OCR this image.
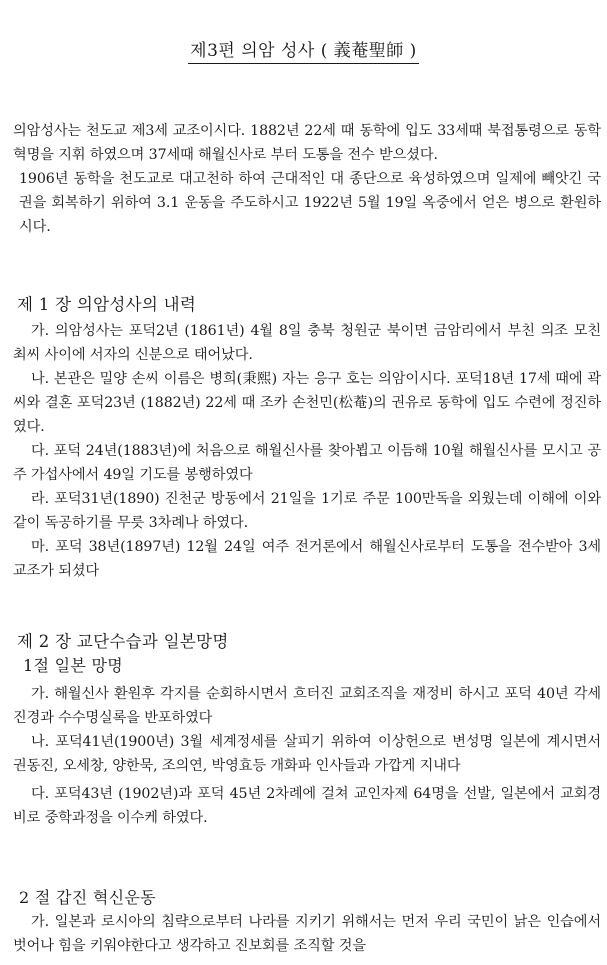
제3편 의암 성사 ( 義菴聖師 )
의암성사는 천도교 제3세 교조이시다. 1882년 22세 때 동학에 입도 33세때 북접통령으로 동학혁명을 지휘 하였으며 37세때 해월신사로 부터 도통을 전수 받으셨다.
1906년 동학을 천도교로 대고천하 하여 근대적인 대 종단으로 육성하였으며 일제에 빼앗긴 국권을 회복하기 위하여 3.1 운동을 주도하시고 1922년 5월 19일 옥중에서 얻은 병으로 환원하시다.
제 1 장 의암성사의 내력
가. 의암성사는 포덕2년 (1861년) 4월 8일 충북 청원군 북이면 금암리에서 부친 의조 모친 최씨 사이에 서자의 신분으로 태어났다.
나. 본관은 밀양 손씨 이름은 병희(秉熙) 자는 응구 호는 의암이시다. 포덕18년 17세 때에 곽씨와 결혼 포덕23년 (1882년) 22세 때 조카 손천민(松菴)의 권유로 동학에 입도 수련에 정진하였다.
다. 포덕 24년(1883년)에 처음으로 해월신사를 찾아뵙고 이듬해 10월 해월신사를 모시고 공주 가섭사에서 49일 기도를 봉행하였다
라. 포덕31년(1890) 진천군 방동에서 21일을 1기로 주문 100만독을 외웠는데 이해에 이와 같이 독공하기를 무릇 3차례나 하였다.
마. 포덕 38년(1897년) 12월 24일 여주 전거론에서 해월신사로부터 도통을 전수받아 3세 교조가 되셨다
제 2 장 교단수습과 일본망명
1절 일본 망명
가. 해월신사 환원후 각지를 순회하시면서 흐터진 교회조직을 재정비 하시고 포덕 40년 각세진경과 수수명실록을 반포하였다
나. 포덕41년(1900년) 3월 세계정세를 살피기 위하여 이상헌으로 변성명 일본에 계시면서 권동진, 오세창, 양한묵, 조의연, 박영효등 개화파 인사들과 가깝게 지내다
다. 포덕43년 (1902년)과 포덕 45년 2차례에 걸쳐 교인자제 64명을 선발, 일본에서 교회경비로 중학과정을 이수케 하였다.
2 절 갑진 혁신운동
가. 일본과 로시아의 침략으로부터 나라를 지키기 위해서는 먼저 우리 국민이 낡은 인습에서 벗어나 힘을 키워야한다고 생각하고 진보회를 조직할 것을
